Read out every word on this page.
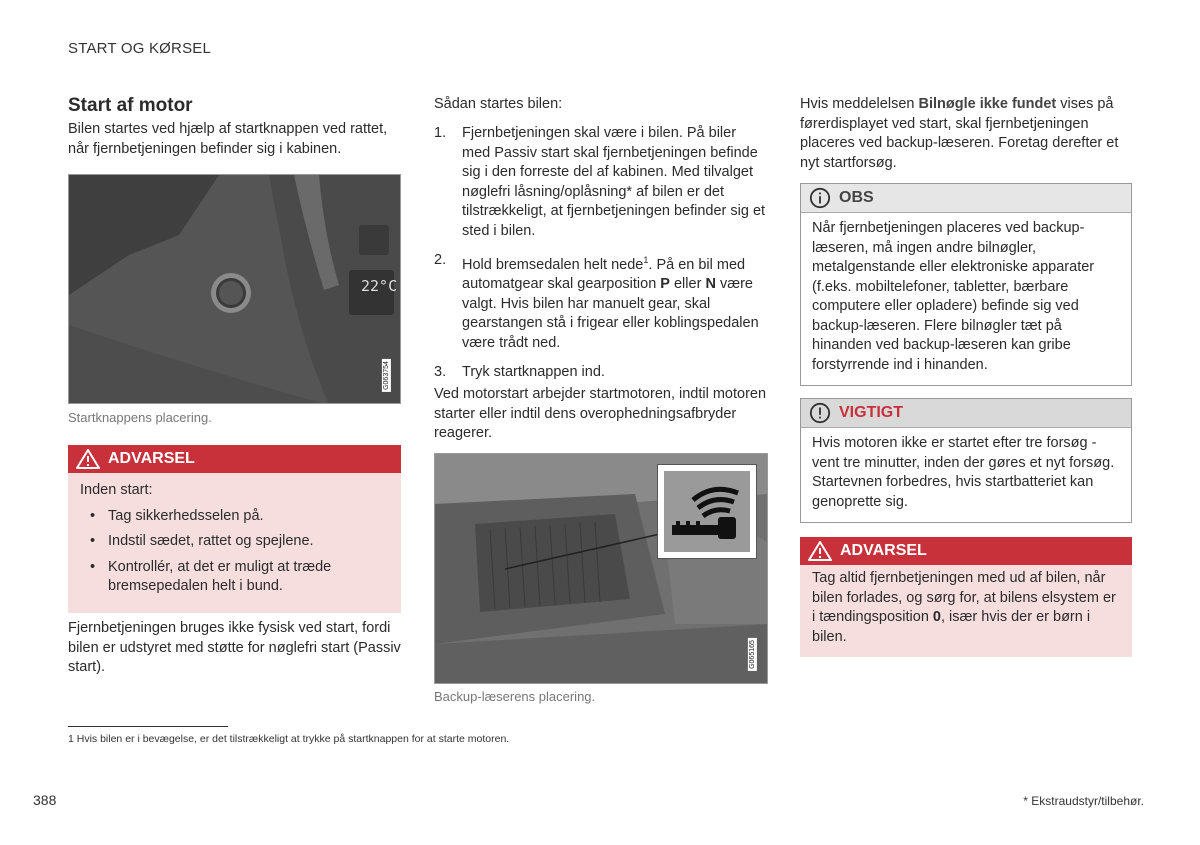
START OG KØRSEL
Start af motor
Bilen startes ved hjælp af startknappen ved rattet, når fjernbetjeningen befinder sig i kabinen.
22°C
G063754
Startknappens placering.
ADVARSEL
Inden start:
• Tag sikkerhedsselen på.
• Indstil sædet, rattet og spejlene.
• Kontrollér, at det er muligt at træde bremsepedalen helt i bund.
Fjernbetjeningen bruges ikke fysisk ved start, fordi bilen er udstyret med støtte for nøglefri start (Passiv start).
Sådan startes bilen:
1. Fjernbetjeningen skal være i bilen. På biler med Passiv start skal fjernbetjeningen befinde sig i den forreste del af kabinen. Med tilvalget nøglefri låsning/oplåsning* af bilen er det tilstrækkeligt, at fjernbetjeningen befinder sig et sted i bilen.
2. Hold bremsedalen helt nede$^1$. På en bil med automatgear skal gearposition P eller N være valgt. Hvis bilen har manuelt gear, skal gearstangen stå i frigear eller koblingspedalen være trådt ned.
3. Tryk startknappen ind.
Ved motorstart arbejder startmotoren, indtil motoren starter eller indtil dens overophedningsafbryder reagerer.
G065165
Backup-læserens placering.
Hvis meddelelsen Bilnøgle ikke fundet vises på førerdisplayet ved start, skal fjernbetjeningen placeres ved backup-læseren. Foretag derefter et nyt startforsøg.
OBS
Når fjernbetjeningen placeres ved backup-læseren, må ingen andre bilnøgler, metalgenstande eller elektroniske apparater (f.eks. mobiltelefoner, tabletter, bærbare computere eller opladere) befinde sig ved backup-læseren. Flere bilnøgler tæt på hinanden ved backup-læseren kan gribe forstyrrende ind i hinanden.
VIGTIGT
Hvis motoren ikke er startet efter tre forsøg - vent tre minutter, inden der gøres et nyt forsøg. Startevnen forbedres, hvis startbatteriet kan genoprette sig.
ADVARSEL
Tag altid fjernbetjeningen med ud af bilen, når bilen forlades, og sørg for, at bilens elsystem er i tændingsposition 0, især hvis der er børn i bilen.
1 Hvis bilen er i bevægelse, er det tilstrækkeligt at trykke på startknappen for at starte motoren.
388	* Ekstraudstyr/tilbehør.
